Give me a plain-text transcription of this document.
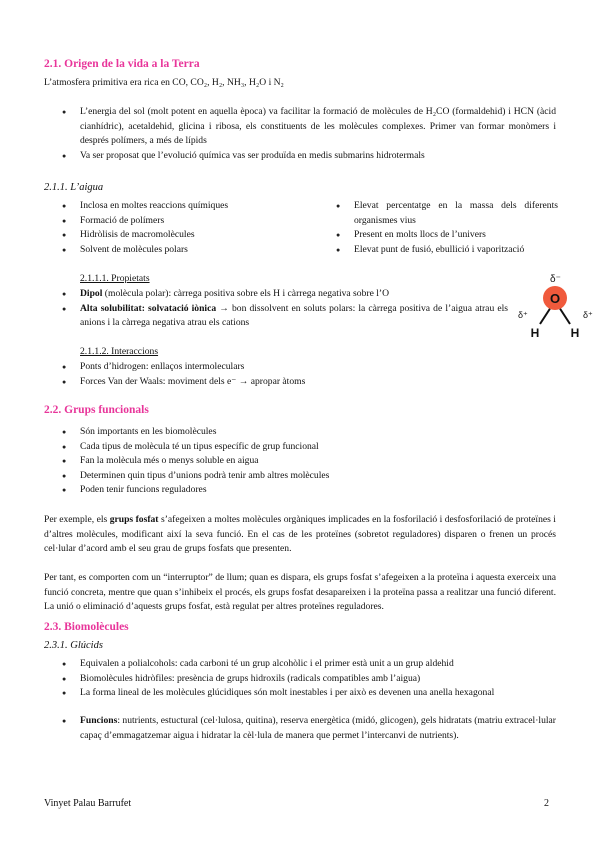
2.1. Origen de la vida a la Terra
L’atmosfera primitiva era rica en CO, CO₂, H₂, NH₃, H₂O i N₂
● L’energia del sol (molt potent en aquella època) va facilitar la formació de molècules de H₂CO (formaldehid) i HCN (àcid cianhídric), acetaldehid, glicina i ribosa, els constituents de les molècules complexes. Primer van formar monòmers i després polímers, a més de lípids
● Va ser proposat que l’evolució química vas ser produïda en medis submarins hidrotermals
2.1.1. L’aigua
● Inclosa en moltes reaccions químiques
● Formació de polímers
● Hidròlisis de macromolècules
● Solvent de molècules polars
● Elevat percentatge en la massa dels diferents organismes vius
● Present en molts llocs de l’univers
● Elevat punt de fusió, ebullició i vaporització
2.1.1.1. Propietats
● Dipol (molècula polar): càrrega positiva sobre els H i càrrega negativa sobre l’O
● Alta solubilitat: solvatació iònica → bon dissolvent en soluts polars: la càrrega positiva de l’aigua atrau els anions i la càrrega negativa atrau els cations
O
δ⁻
δ⁺	δ⁺
H	H
2.1.1.2. Interaccions
● Ponts d’hidrogen: enllaços intermoleculars
● Forces Van der Waals: moviment dels e⁻ → apropar àtoms
2.2. Grups funcionals
● Són importants en les biomolècules
● Cada tipus de molècula té un tipus específic de grup funcional
● Fan la molècula més o menys soluble en aigua
● Determinen quin tipus d’unions podrà tenir amb altres molècules
● Poden tenir funcions reguladores
Per exemple, els grups fosfat s’afegeixen a moltes molècules orgàniques implicades en la fosforilació i desfosforilació de proteïnes i d’altres molècules, modificant així la seva funció. En el cas de les proteïnes (sobretot reguladores) disparen o frenen un procés cel·lular d’acord amb el seu grau de grups fosfats que presenten.
Per tant, es comporten com un “interruptor” de llum; quan es dispara, els grups fosfat s’afegeixen a la proteïna i aquesta exerceix una funció concreta, mentre que quan s’inhibeix el procés, els grups fosfat desapareixen i la proteïna passa a realitzar una funció diferent. La unió o eliminació d’aquests grups fosfat, està regulat per altres proteïnes reguladores.
2.3. Biomolècules
2.3.1. Glúcids
● Equivalen a polialcohols: cada carboni té un grup alcohòlic i el primer està unit a un grup aldehid
● Biomolècules hidròfiles: presència de grups hidroxils (radicals compatibles amb l’aigua)
● La forma lineal de les molècules glúcidiques són molt inestables i per això es devenen una anella hexagonal
● Funcions: nutrients, estuctural (cel·lulosa, quitina), reserva energètica (midó, glicogen), gels hidratats (matriu extracel·lular capaç d’emmagatzemar aigua i hidratar la cèl·lula de manera que permet l’intercanvi de nutrients).
Vinyet Palau Barrufet	2
